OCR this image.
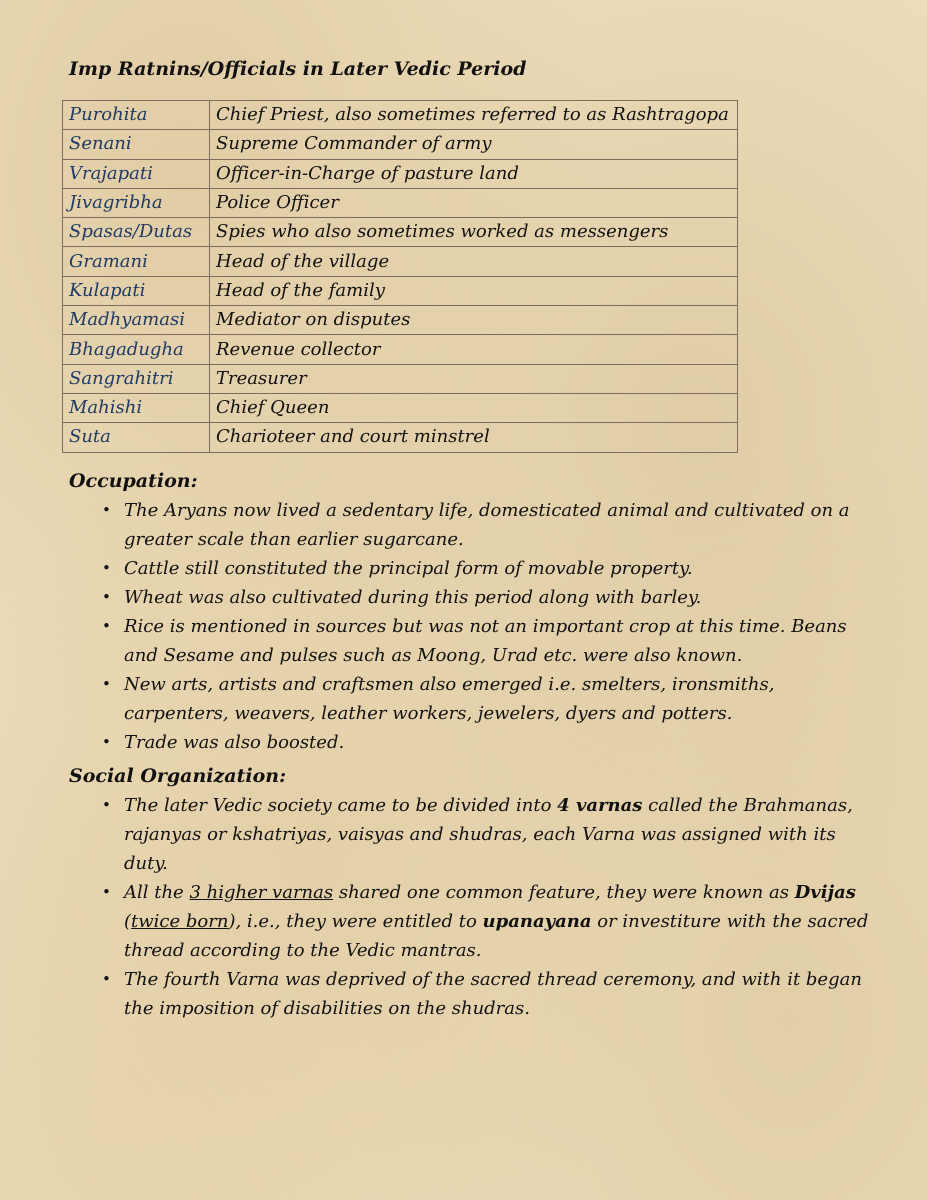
Imp Ratnins/Officials in Later Vedic Period
Purohita	Chief Priest, also sometimes referred to as Rashtragopa
Senani	Supreme Commander of army
Vrajapati	Officer-in-Charge of pasture land
Jivagribha	Police Officer
Spasas/Dutas	Spies who also sometimes worked as messengers
Gramani	Head of the village
Kulapati	Head of the family
Madhyamasi	Mediator on disputes
Bhagadugha	Revenue collector
Sangrahitri	Treasurer
Mahishi	Chief Queen
Suta	Charioteer and court minstrel
Occupation:
• The Aryans now lived a sedentary life, domesticated animal and cultivated on a greater scale than earlier sugarcane.
• Cattle still constituted the principal form of movable property.
• Wheat was also cultivated during this period along with barley.
• Rice is mentioned in sources but was not an important crop at this time. Beans and Sesame and pulses such as Moong, Urad etc. were also known.
• New arts, artists and craftsmen also emerged i.e. smelters, ironsmiths, carpenters, weavers, leather workers, jewelers, dyers and potters.
• Trade was also boosted.
Social Organization:
• The later Vedic society came to be divided into 4 varnas called the Brahmanas, rajanyas or kshatriyas, vaisyas and shudras, each Varna was assigned with its duty.
• All the 3 higher varnas shared one common feature, they were known as Dvijas (twice born), i.e., they were entitled to upanayana or investiture with the sacred thread according to the Vedic mantras.
• The fourth Varna was deprived of the sacred thread ceremony, and with it began the imposition of disabilities on the shudras.
